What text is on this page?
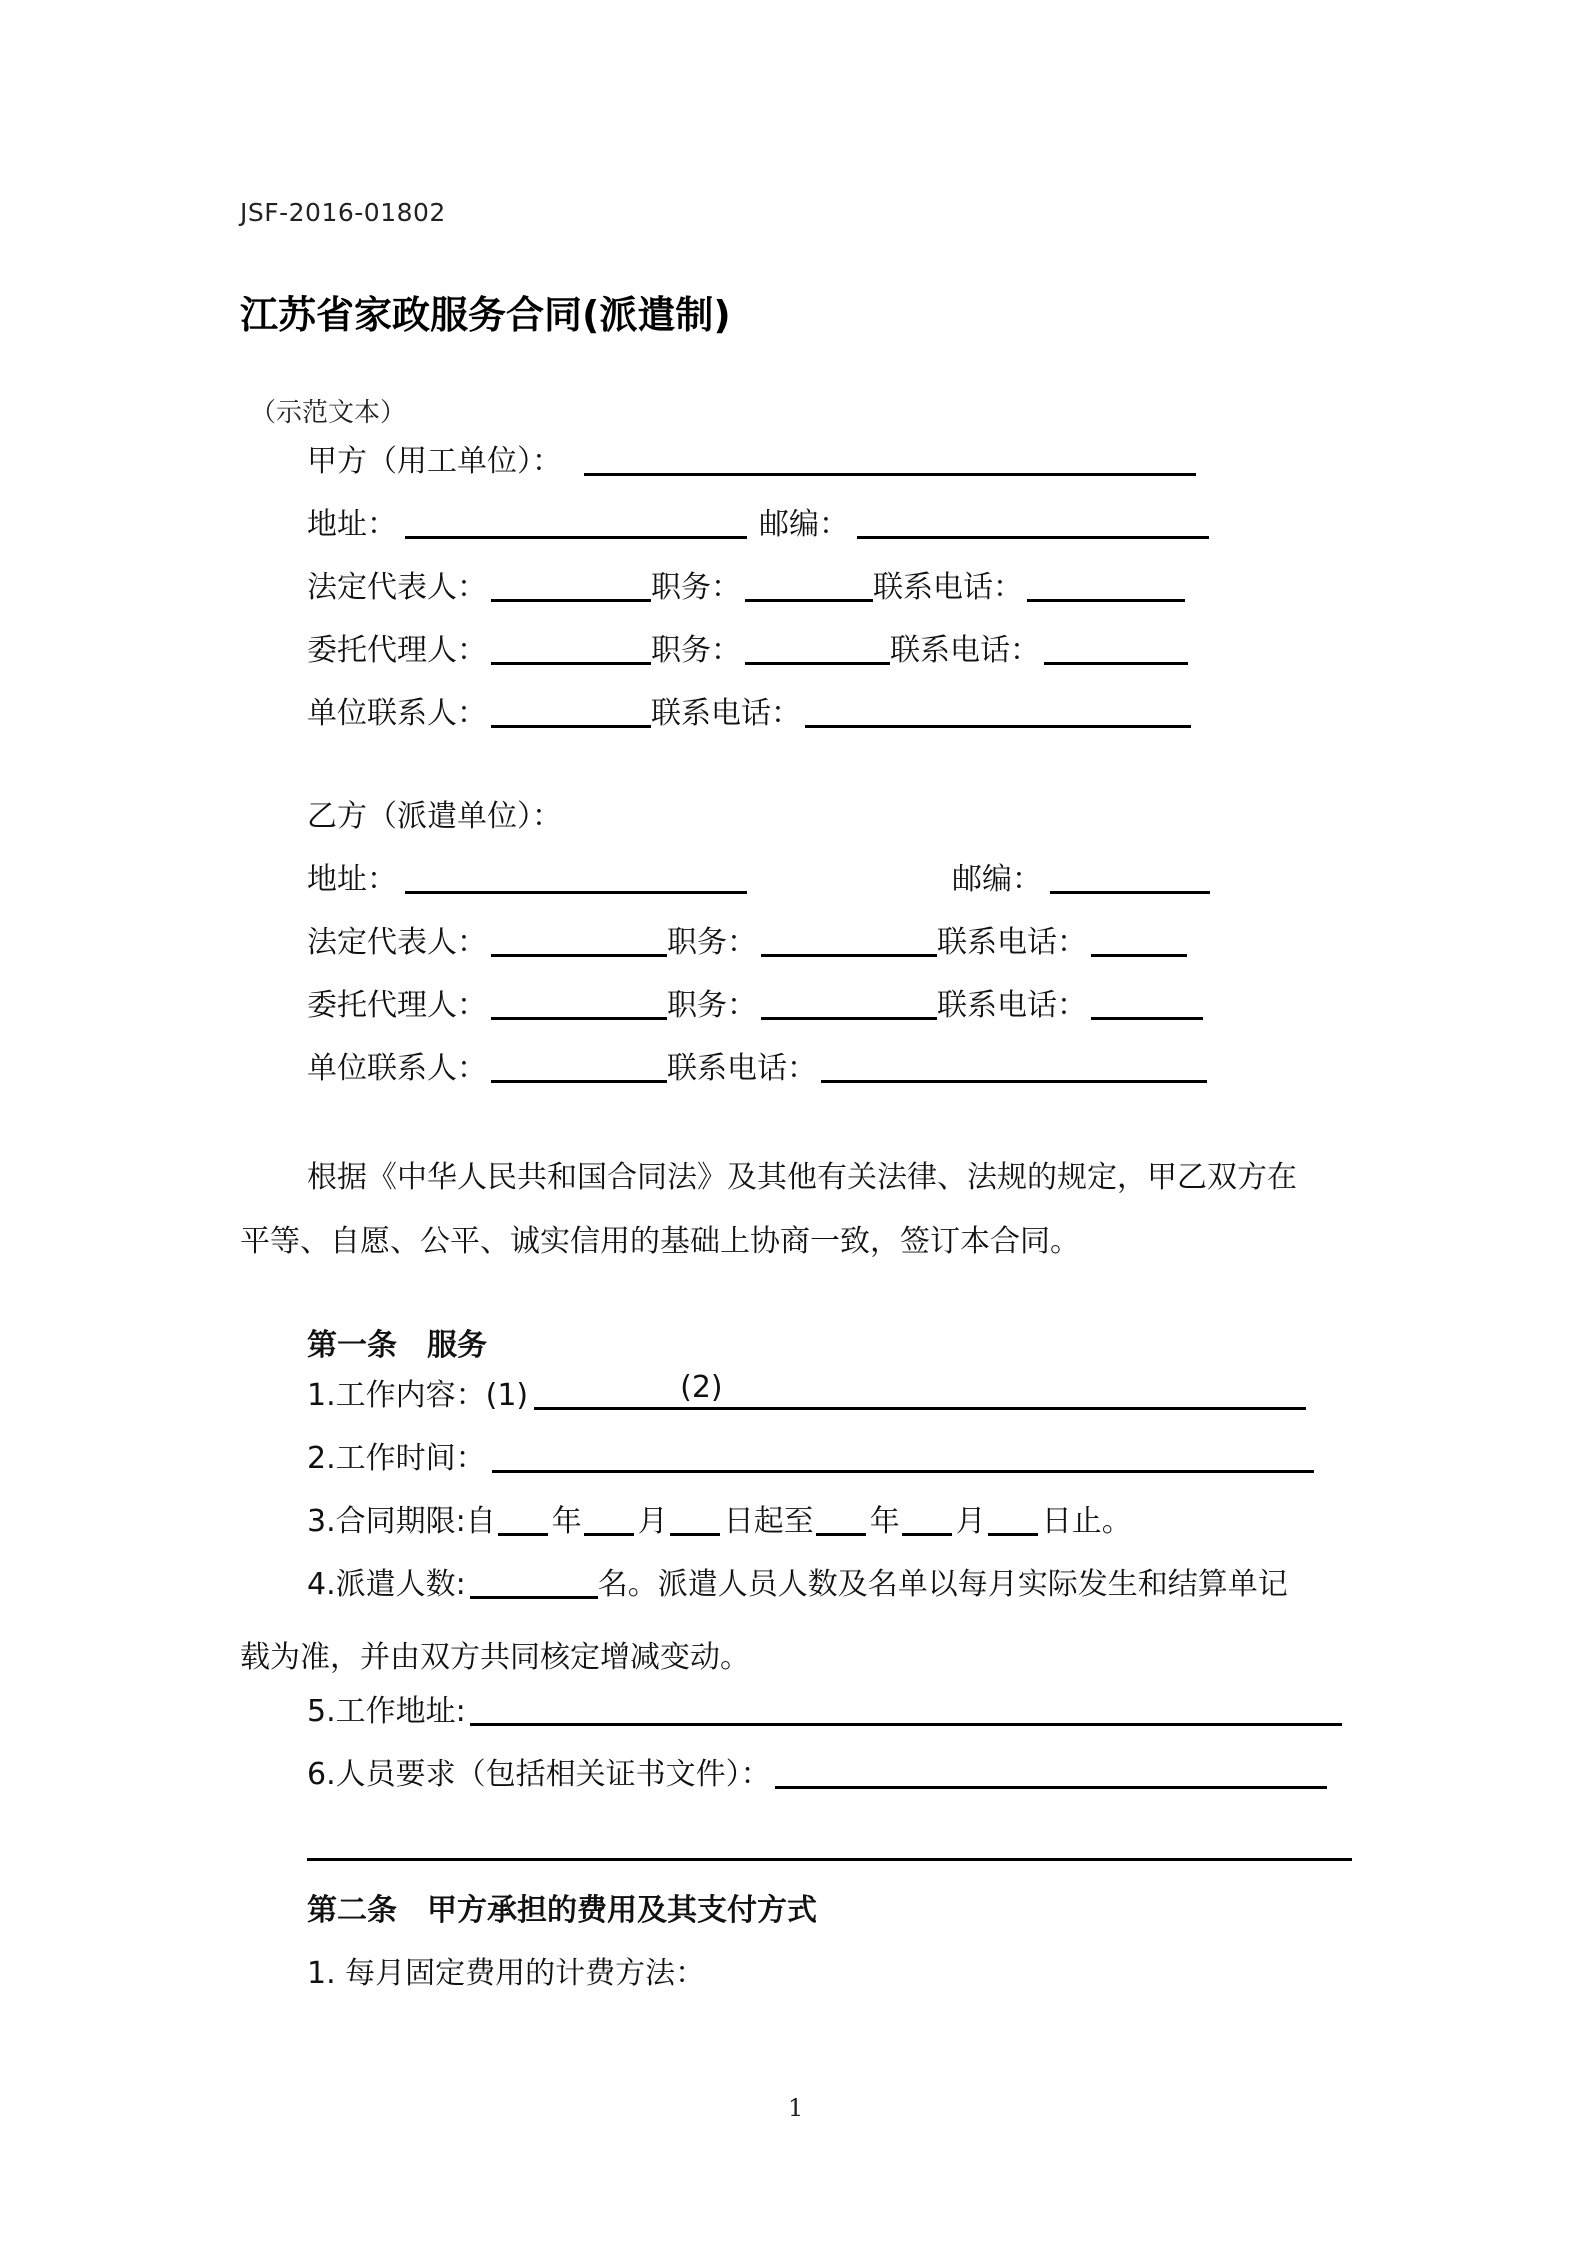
JSF-2016-01802
江苏省家政服务合同(派遣制)
（示范文本）
甲方（用工单位）：
地址：	邮编：
法定代表人：	职务：	联系电话：
委托代理人：	职务：	联系电话：
单位联系人：	联系电话：
乙方（派遣单位）：
地址：	邮编：
法定代表人：	职务：	联系电话：
委托代理人：	职务：	联系电话：
单位联系人：	联系电话：
根据《中华人民共和国合同法》及其他有关法律、法规的规定，甲乙双方在
平等、自愿、公平、诚实信用的基础上协商一致，签订本合同。
第一条　服务
1.工作内容：(1)	(2)
2.工作时间：
3.合同期限:自 年 月 日起至 年 月 日止。
4.派遣人数:	名。派遣人员人数及名单以每月实际发生和结算单记
载为准，并由双方共同核定增减变动。
5.工作地址:
6.人员要求（包括相关证书文件）：
第二条　甲方承担的费用及其支付方式
1. 每月固定费用的计费方法：
1
